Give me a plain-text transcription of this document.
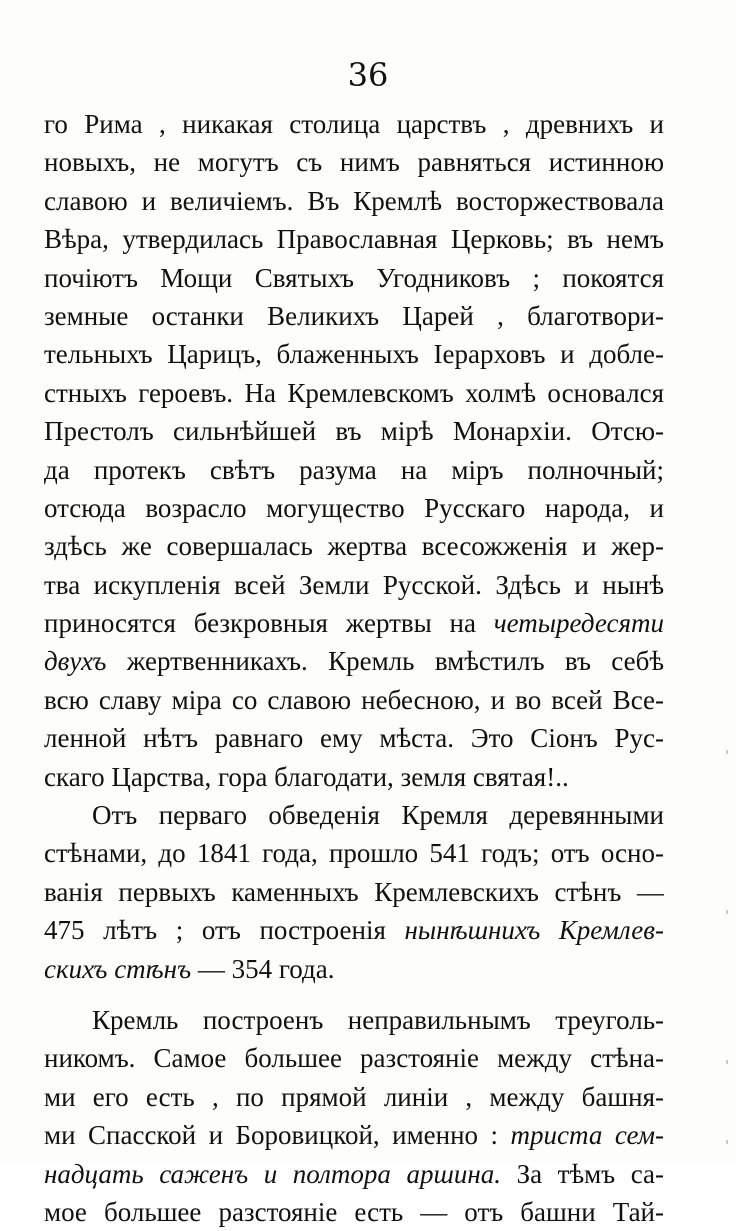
36
го Рима , никакая столица царствъ , древнихъ и
новыхъ, не могутъ съ нимъ равняться истинною
славою и величіемъ. Въ Кремлѣ восторжествовала
Вѣра, утвердилась Православная Церковь; въ немъ
почіютъ Мощи Святыхъ Угодниковъ ; покоятся
земные останки Великихъ Царей , благотвори-
тельныхъ Царицъ, блаженныхъ Іерарховъ и добле-
стныхъ героевъ. На Кремлевскомъ холмѣ основался
Престолъ сильнѣйшей въ мірѣ Монархіи. Отсю-
да протекъ свѣтъ разума на міръ полночный;
отсюда возрасло могущество Русскаго народа, и
здѣсь же совершалась жертва всесожженія и жер-
тва искупленія всей Земли Русской. Здѣсь и нынѣ
приносятся безкровныя жертвы на четыредесяти
двухъ жертвенникахъ. Кремль вмѣстилъ въ себѣ
всю славу міра со славою небесною, и во всей Все-
ленной нѣтъ равнаго ему мѣста. Это Сіонъ Рус-
скаго Царства, гора благодати, земля святая!..
Отъ перваго обведенія Кремля деревянными
стѣнами, до 1841 года, прошло 541 годъ; отъ осно-
ванія первыхъ каменныхъ Кремлевскихъ стѣнъ —
475 лѣтъ ; отъ построенія нынѣшнихъ Кремлев-
скихъ стѣнъ — 354 года.
Кремль построенъ неправильнымъ треуголь-
никомъ. Самое большее разстояніе между стѣна-
ми его есть , по прямой линіи , между башня-
ми Спасской и Боровицкой, именно : триста сем-
надцать саженъ и полтора аршина. За тѣмъ са-
мое большее разстояніе есть — отъ башни Тай-
